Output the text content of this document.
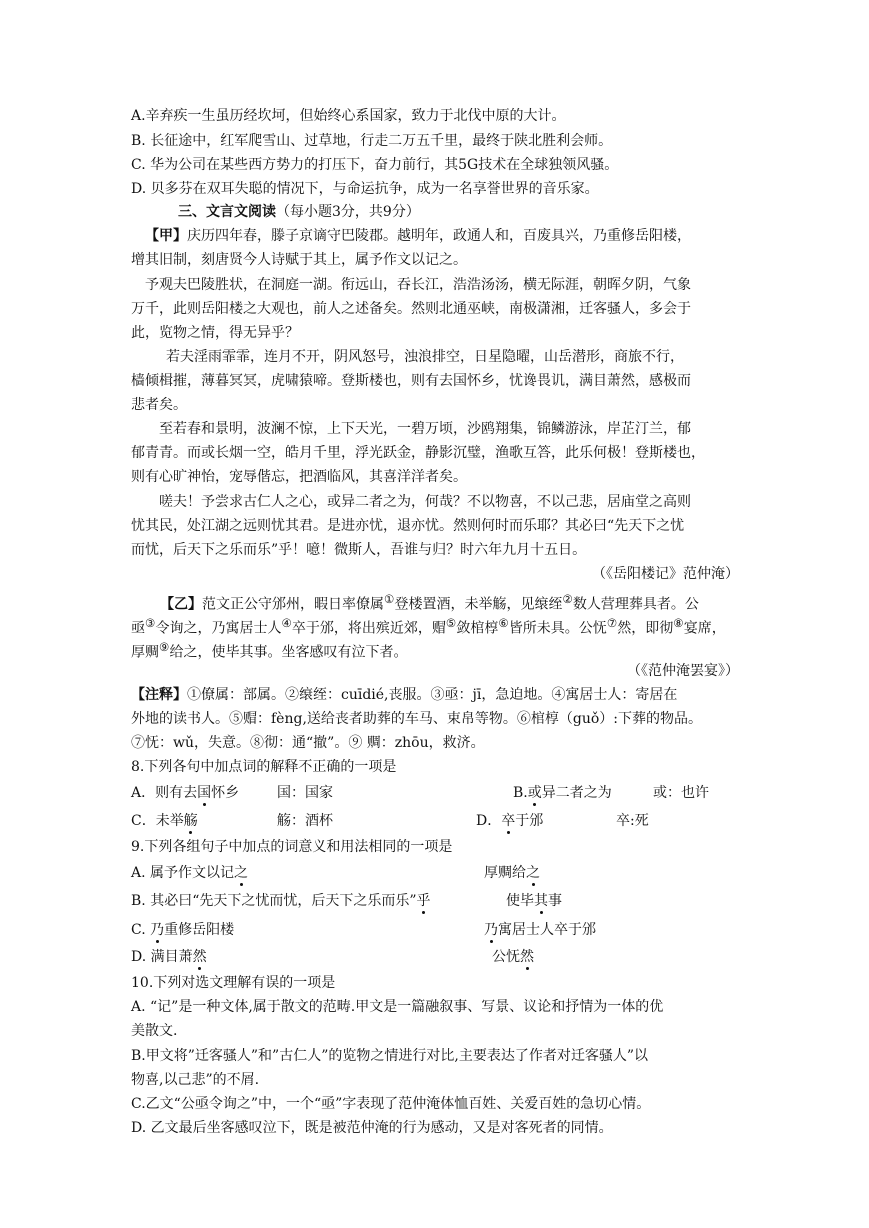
A.辛弃疾一生虽历经坎坷，但始终心系国家，致力于北伐中原的大计。
B. 长征途中，红军爬雪山、过草地，行走二万五千里，最终于陕北胜利会师。
C. 华为公司在某些西方势力的打压下，奋力前行，其5G技术在全球独领风骚。
D. 贝多芬在双耳失聪的情况下，与命运抗争，成为一名享誉世界的音乐家。
三、文言文阅读（每小题3分，共9分）
【甲】庆历四年春，滕子京谪守巴陵郡。越明年，政通人和，百废具兴，乃重修岳阳楼，
增其旧制，刻唐贤今人诗赋于其上，属予作文以记之。
予观夫巴陵胜状，在洞庭一湖。衔远山，吞长江，浩浩汤汤，横无际涯，朝晖夕阴，气象
万千，此则岳阳楼之大观也，前人之述备矣。然则北通巫峡，南极潇湘，迁客骚人，多会于
此，览物之情，得无异乎？
若夫淫雨霏霏，连月不开，阴风怒号，浊浪排空，日星隐曜，山岳潜形，商旅不行，
樯倾楫摧，薄暮冥冥，虎啸猿啼。登斯楼也，则有去国怀乡，忧谗畏讥，满目萧然，感极而
悲者矣。
至若春和景明，波澜不惊，上下天光，一碧万顷，沙鸥翔集，锦鳞游泳，岸芷汀兰，郁
郁青青。而或长烟一空，皓月千里，浮光跃金，静影沉璧，渔歌互答，此乐何极！登斯楼也，
则有心旷神怡，宠辱偕忘，把酒临风，其喜洋洋者矣。
嗟夫！予尝求古仁人之心，或异二者之为，何哉？不以物喜，不以己悲，居庙堂之高则
忧其民，处江湖之远则忧其君。是进亦忧，退亦忧。然则何时而乐耶？其必曰“先天下之忧
而忧，后天下之乐而乐”乎！噫！微斯人，吾谁与归？时六年九月十五日。
（《岳阳楼记》范仲淹）
【乙】范文正公守邠州，暇日率僚属①登楼置酒，未举觞，见缞绖②数人营理葬具者。公
亟③令询之，乃寓居士人④卒于邠，将出殡近郊，赗⑤敛棺椁⑥皆所未具。公怃⑦然，即彻⑧宴席，
厚赒⑨给之，使毕其事。坐客感叹有泣下者。
（《范仲淹罢宴》）
【注释】①僚属：部属。②缞绖：cuīdié,丧服。③亟：jī，急迫地。④寓居士人：寄居在
外地的读书人。⑤赗：fèng,送给丧者助葬的车马、束帛等物。⑥棺椁（guǒ）:下葬的物品。
⑦怃：wǔ，失意。⑧彻：通“撤”。⑨ 赒：zhōu，救济。
8.下列各句中加点词的解释不正确的一项是
A．则有去国怀乡	国：国家	B.或异二者之为	或：也许
C．未举觞	觞：酒杯	D．卒于邠	卒:死
9.下列各组句子中加点的词意义和用法相同的一项是
A. 属予作文以记之	厚赒给之
B. 其必曰“先天下之忧而忧，后天下之乐而乐”乎	使毕其事
C. 乃重修岳阳楼	乃寓居士人卒于邠
D. 满目萧然	公怃然
10.下列对选文理解有误的一项是
A. “记”是一种文体,属于散文的范畴.甲文是一篇融叙事、写景、议论和抒情为一体的优
美散文.
B.甲文将”迁客骚人”和”古仁人”的览物之情进行对比,主要表达了作者对迁客骚人”以
物喜,以己悲”的不屑.
C.乙文“公亟令询之”中，一个“亟”字表现了范仲淹体恤百姓、关爱百姓的急切心情。
D. 乙文最后坐客感叹泣下，既是被范仲淹的行为感动，又是对客死者的同情。
